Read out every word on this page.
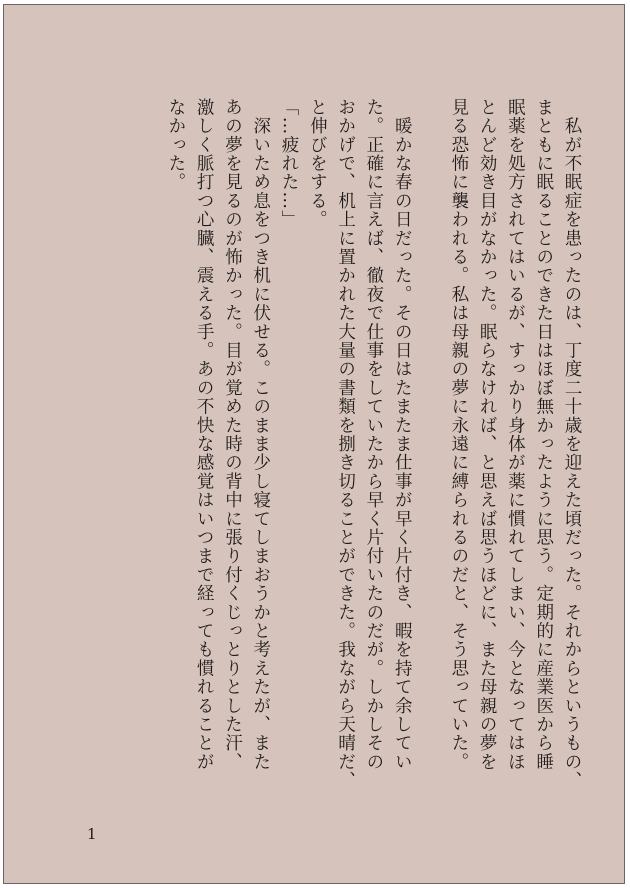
　私が不眠症を患ったのは、丁度二十歳を迎えた頃だった。それからというもの、
まともに眠ることのできた日はほぼ無かったように思う。定期的に産業医から睡
眠薬を処方されてはいるが、すっかり身体が薬に慣れてしまい、今となってはほ
とんど効き目がなかった。眠らなければ、と思えば思うほどに、また母親の夢を
見る恐怖に襲われる。私は母親の夢に永遠に縛られるのだと、そう思っていた。
　暖かな春の日だった。その日はたまたま仕事が早く片付き、暇を持て余してい
た。正確に言えば、徹夜で仕事をしていたから早く片付いたのだが。しかしその
おかげで、机上に置かれた大量の書類を捌き切ることができた。我ながら天晴だ、
と伸びをする。
「…疲れた…」
　深いため息をつき机に伏せる。このまま少し寝てしまおうかと考えたが、また
あの夢を見るのが怖かった。目が覚めた時の背中に張り付くじっとりとした汗、
激しく脈打つ心臓、震える手。あの不快な感覚はいつまで経っても慣れることが
なかった。
1
